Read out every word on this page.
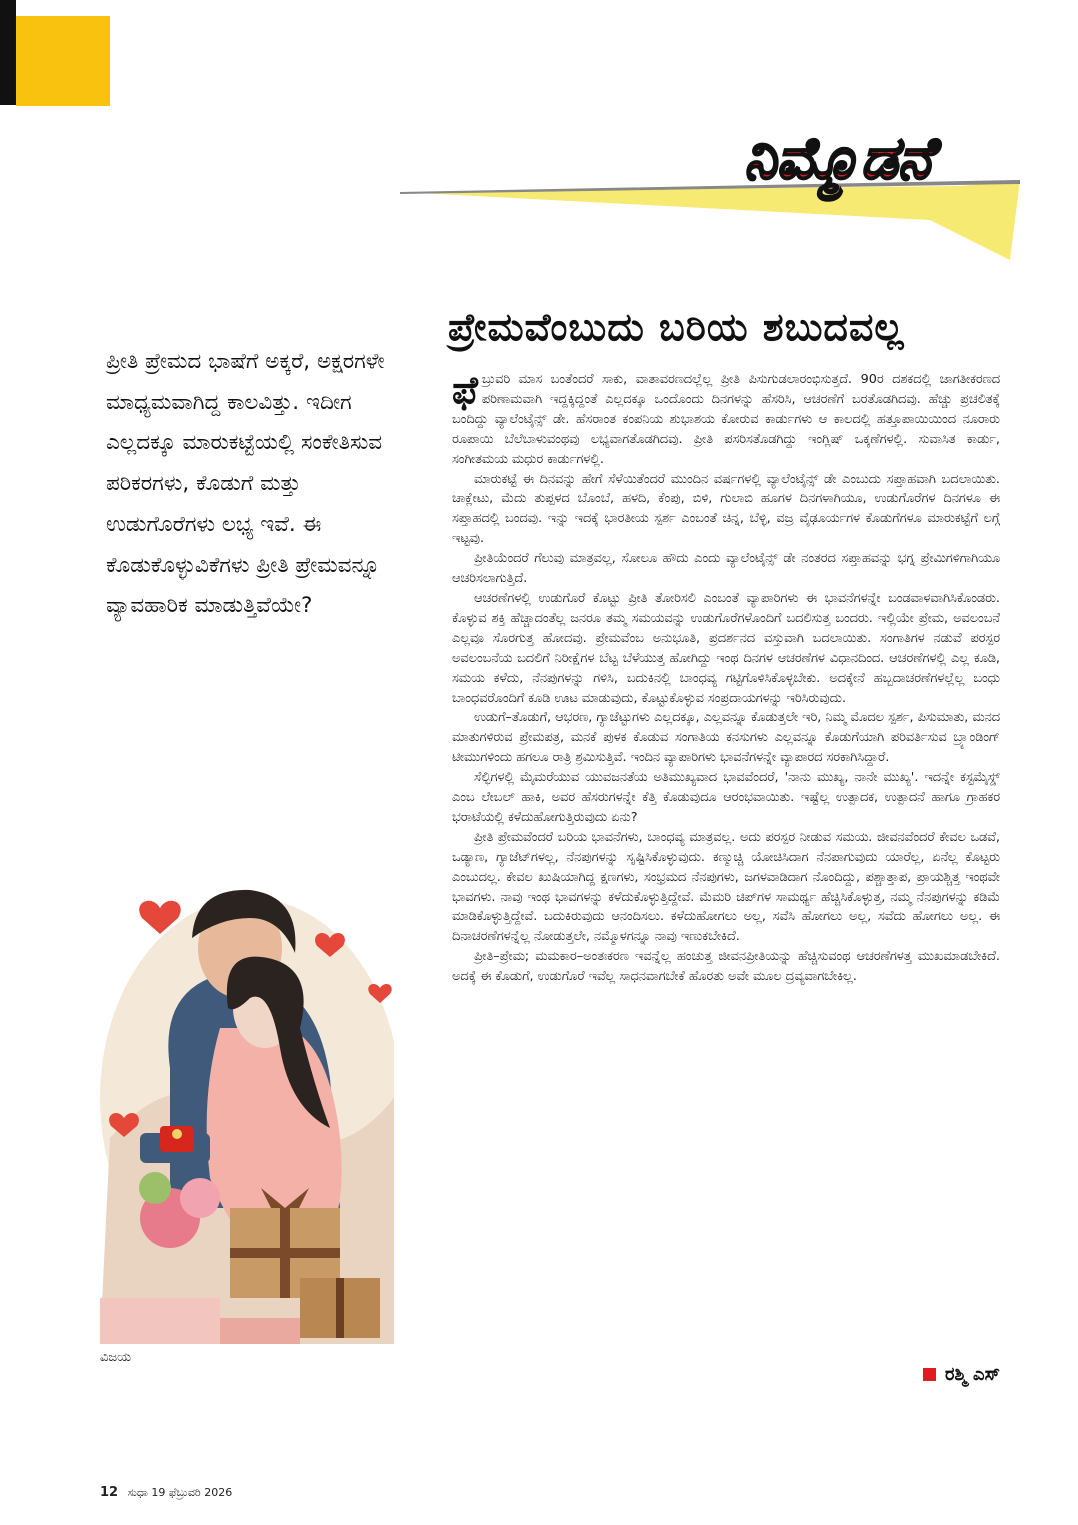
ನಿಮ್ಮೊಡನೆ
ಪ್ರೇಮವೆಂಬುದು ಬರಿಯ ಶಬುದವಲ್ಲ
ಪ್ರೀತಿ ಪ್ರೇಮದ ಭಾಷೆಗೆ ಅಕ್ಕರೆ, ಅಕ್ಷರಗಳೇ ಮಾಧ್ಯಮವಾಗಿದ್ದ ಕಾಲವಿತ್ತು. ಇದೀಗ ಎಲ್ಲದಕ್ಕೂ ಮಾರುಕಟ್ಟೆಯಲ್ಲಿ ಸಂಕೇತಿಸುವ ಪರಿಕರಗಳು, ಕೊಡುಗೆ ಮತ್ತು ಉಡುಗೊರೆಗಳು ಲಭ್ಯ ಇವೆ. ಈ ಕೊಡುಕೊಳ್ಳುವಿಕೆಗಳು ಪ್ರೀತಿ ಪ್ರೇಮವನ್ನೂ ವ್ಯಾವಹಾರಿಕ ಮಾಡುತ್ತಿವೆಯೇ?
ವಿಜಯ

ಫೆಬ್ರುವರಿ ಮಾಸ ಬಂತೆಂದರೆ ಸಾಕು, ವಾತಾವರಣದಲ್ಲೆಲ್ಲ ಪ್ರೀತಿ ಪಿಸುಗುಡಲಾರಂಭಿಸುತ್ತದೆ. 90ರ ದಶಕದಲ್ಲಿ ಜಾಗತೀಕರಣದ ಪರಿಣಾಮವಾಗಿ ಇದ್ದಕ್ಕಿದ್ದಂತೆ ಎಲ್ಲದಕ್ಕೂ ಒಂದೊಂದು ದಿನಗಳನ್ನು ಹೆಸರಿಸಿ, ಆಚರಣೆಗೆ ಬರತೊಡಗಿದವು. ಹೆಚ್ಚು ಪ್ರಚಲಿತಕ್ಕೆ ಬಂದಿದ್ದು ವ್ಯಾಲೆಂಟೈನ್ಸ್ ಡೇ. ಹೆಸರಾಂತ ಕಂಪನಿಯ ಶುಭಾಶಯ ಕೋರುವ ಕಾರ್ಡುಗಳು ಆ ಕಾಲದಲ್ಲಿ ಹತ್ತೂಪಾಯಿಯಿಂದ ನೂರಾರು ರೂಪಾಯಿ ಬೆಲೆಬಾಳುವಂಥವು ಲಭ್ಯವಾಗತೊಡಗಿದವು. ಪ್ರೀತಿ ಪಸರಿಸತೊಡಗಿದ್ದು ಇಂಗ್ಲಿಷ್ ಒಕ್ಕಣೆಗಳಲ್ಲಿ. ಸುವಾಸಿತ ಕಾರ್ಡು, ಸಂಗೀತಮಯ ಮಧುರ ಕಾರ್ಡುಗಳಲ್ಲಿ.

ಮಾರುಕಟ್ಟೆ ಈ ದಿನವನ್ನು ಹೇಗೆ ಸೆಳೆಯಿತೆಂದರೆ ಮುಂದಿನ ವರ್ಷಗಳಲ್ಲಿ ವ್ಯಾಲೆಂಟೈನ್ಸ್ ಡೇ ಎಂಬುದು ಸಪ್ತಾಹವಾಗಿ ಬದಲಾಯಿತು. ಚಾಕ್ಲೇಟು, ಮೆದು ತುಪ್ಪಳದ ಬೊಂಬೆ, ಹಳದಿ, ಕೆಂಪು, ಬಿಳಿ, ಗುಲಾಬಿ ಹೂಗಳ ದಿನಗಳಾಗಿಯೂ, ಉಡುಗೊರೆಗಳ ದಿನಗಳೂ ಈ ಸಪ್ತಾಹದಲ್ಲಿ ಬಂದವು. ಇನ್ನು ಇದಕ್ಕೆ ಭಾರತೀಯ ಸ್ಪರ್ಶ ಎಂಬಂತೆ ಚಿನ್ನ, ಬೆಳ್ಳಿ, ವಜ್ರ ವೈಢೂರ್ಯಗಳ ಕೊಡುಗೆಗಳೂ ಮಾರುಕಟ್ಟೆಗೆ ಲಗ್ಗೆ ಇಟ್ಟವು.

ಪ್ರೀತಿಯೆಂದರೆ ಗೆಲುವು ಮಾತ್ರವಲ್ಲ, ಸೋಲೂ ಹೌದು ಎಂದು ವ್ಯಾಲೆಂಟೈನ್ಸ್ ಡೇ ನಂತರದ ಸಪ್ತಾಹವನ್ನು ಭಗ್ನ ಪ್ರೇಮಿಗಳಿಗಾಗಿಯೂ ಆಚರಿಸಲಾಗುತ್ತಿದೆ.

ಆಚರಣೆಗಳಲ್ಲಿ ಉಡುಗೊರೆ ಕೊಟ್ಟು ಪ್ರೀತಿ ತೋರಿಸಲಿ ಎಂಬಂತೆ ವ್ಯಾಪಾರಿಗಳು ಈ ಭಾವನೆಗಳನ್ನೇ ಬಂಡವಾಳವಾಗಿಸಿಕೊಂಡರು. ಕೊಳ್ಳುವ ಶಕ್ತಿ ಹೆಚ್ಚಾದಂತೆಲ್ಲ ಜನರೂ ತಮ್ಮ ಸಮಯವನ್ನು ಉಡುಗೊರೆಗಳೊಂದಿಗೆ ಬದಲಿಸುತ್ತ ಬಂದರು. ಇಲ್ಲಿಯೇ ಪ್ರೇಮ, ಅವಲಂಬನೆ ಎಲ್ಲವೂ ಸೊರಗುತ್ತ ಹೋದವು. ಪ್ರೇಮವೆಂಬ ಅನುಭೂತಿ, ಪ್ರದರ್ಶನದ ವಸ್ತುವಾಗಿ ಬದಲಾಯಿತು. ಸಂಗಾತಿಗಳ ನಡುವೆ ಪರಸ್ಪರ ಅವಲಂಬನೆಯ ಬದಲಿಗೆ ನಿರೀಕ್ಷೆಗಳ ಬೆಟ್ಟ ಬೆಳೆಯುತ್ತ ಹೋಗಿದ್ದು ಇಂಥ ದಿನಗಳ ಆಚರಣೆಗಳ ವಿಧಾನದಿಂದ. ಆಚರಣೆಗಳಲ್ಲಿ ಎಲ್ಲ ಕೂಡಿ, ಸಮಯ ಕಳೆದು, ನೆನಪುಗಳನ್ನು ಗಳಿಸಿ, ಬದುಕಿನಲ್ಲಿ ಬಾಂಧವ್ಯ ಗಟ್ಟಿಗೊಳಿಸಿಕೊಳ್ಳಬೇಕು. ಅದಕ್ಕೇನೆ ಹಬ್ಬದಾಚರಣೆಗಳಲ್ಲೆಲ್ಲ ಬಂಧು ಬಾಂಧವರೊಂದಿಗೆ ಕೂಡಿ ಊಟ ಮಾಡುವುದು, ಕೊಟ್ಟುಕೊಳ್ಳುವ ಸಂಪ್ರದಾಯಗಳನ್ನು ಇರಿಸಿರುವುದು.

ಉಡುಗೆ–ತೊಡುಗೆ, ಆಭರಣ, ಗ್ಯಾಜೆಟ್ಟುಗಳು ಎಲ್ಲದಕ್ಕೂ, ಎಲ್ಲವನ್ನೂ ಕೊಡುತ್ತಲೇ ಇರಿ, ನಿಮ್ಮ ಮೊದಲ ಸ್ಪರ್ಶ, ಪಿಸುಮಾತು, ಮನದ ಮಾತುಗಳಿರುವ ಪ್ರೇಮಪತ್ರ, ಮನಕೆ ಪುಳಕ ಕೊಡುವ ಸಂಗಾತಿಯ ಕನಸುಗಳು ಎಲ್ಲವನ್ನೂ ಕೊಡುಗೆಯಾಗಿ ಪರಿವರ್ತಿಸುವ ಬ್ರ್ಯಾಂಡಿಂಗ್ ಟೀಮುಗಳಿಂದು ಹಗಲೂ ರಾತ್ರಿ ಶ್ರಮಿಸುತ್ತಿವೆ. ಇಂದಿನ ವ್ಯಾಪಾರಿಗಳು ಭಾವನೆಗಳನ್ನೇ ವ್ಯಾಪಾರದ ಸರಕಾಗಿಸಿದ್ದಾರೆ.

ಸೆಲ್ಫಿಗಳಲ್ಲಿ ಮೈಮರೆಯುವ ಯುವಜನತೆಯ ಅತಿಮುಖ್ಯವಾದ ಭಾವವೆಂದರೆ, 'ನಾನು ಮುಖ್ಯ, ನಾನೇ ಮುಖ್ಯ'. ಇದನ್ನೇ ಕಸ್ಟಮೈಸ್ಡ್ ಎಂಬ ಲೇಬಲ್ ಹಾಕಿ, ಅವರ ಹೆಸರುಗಳನ್ನೇ ಕೆತ್ತಿ ಕೊಡುವುದೂ ಆರಂಭವಾಯಿತು. ಇಷ್ಟೆಲ್ಲ ಉತ್ಪಾದಕ, ಉತ್ಪಾದನೆ ಹಾಗೂ ಗ್ರಾಹಕರ ಭರಾಟೆಯಲ್ಲಿ ಕಳೆದುಹೋಗುತ್ತಿರುವುದು ಏನು?

ಪ್ರೀತಿ ಪ್ರೇಮವೆಂದರೆ ಬರಿಯ ಭಾವನೆಗಳು, ಬಾಂಧವ್ಯ ಮಾತ್ರವಲ್ಲ. ಅದು ಪರಸ್ಪರ ನೀಡುವ ಸಮಯ. ಜೀವನವೆಂದರೆ ಕೇವಲ ಒಡವೆ, ಒಡ್ಯಾಣ, ಗ್ಯಾಜೆಟ್‌ಗಳಲ್ಲ, ನೆನಪುಗಳನ್ನು ಸೃಷ್ಟಿಸಿಕೊಳ್ಳುವುದು. ಕಣ್ಮುಚ್ಚಿ ಯೋಚಿಸಿದಾಗ ನೆನಪಾಗುವುದು ಯಾರೆಲ್ಲ, ಏನೆಲ್ಲ ಕೊಟ್ಟರು ಎಂಬುದಲ್ಲ. ಕೇವಲ ಖುಷಿಯಾಗಿದ್ದ ಕ್ಷಣಗಳು, ಸಂಭ್ರಮದ ನೆನಪುಗಳು, ಜಗಳವಾಡಿದಾಗ ನೊಂದಿದ್ದು, ಪಶ್ಚಾತ್ತಾಪ, ಪ್ರಾಯಶ್ಚಿತ್ತ ಇಂಥವೇ ಭಾವಗಳು. ನಾವು ಇಂಥ ಭಾವಗಳನ್ನು ಕಳೆದುಕೊಳ್ಳುತ್ತಿದ್ದೇವೆ. ಮೆಮರಿ ಚಿಪ್‌ಗಳ ಸಾಮರ್ಥ್ಯ ಹೆಚ್ಚಿಸಿಕೊಳ್ಳುತ್ತ, ನಮ್ಮ ನೆನಪುಗಳನ್ನು ಕಡಿಮೆ ಮಾಡಿಕೊಳ್ಳುತ್ತಿದ್ದೇವೆ. ಬದುಕಿರುವುದು ಆನಂದಿಸಲು. ಕಳೆದುಹೋಗಲು ಅಲ್ಲ, ಸವೆಸಿ ಹೋಗಲು ಅಲ್ಲ, ಸವೆದು ಹೋಗಲು ಅಲ್ಲ. ಈ ದಿನಾಚರಣೆಗಳನ್ನೆಲ್ಲ ನೋಡುತ್ತಲೇ, ನಮ್ಮೊಳಗನ್ನೂ ನಾವು ಇಣುಕಬೇಕಿದೆ.

ಪ್ರೀತಿ–ಪ್ರೇಮ; ಮಮಕಾರ–ಅಂತಃಕರಣ ಇವನ್ನೆಲ್ಲ ಹಂಚುತ್ತ ಜೀವನಪ್ರೀತಿಯನ್ನು ಹೆಚ್ಚಿಸುವಂಥ ಆಚರಣೆಗಳತ್ತ ಮುಖಮಾಡಬೇಕಿದೆ. ಅದಕ್ಕೆ ಈ ಕೊಡುಗೆ, ಉಡುಗೊರೆ ಇವೆಲ್ಲ ಸಾಧನವಾಗಬೇಕೆ ಹೊರತು ಅವೇ ಮೂಲ ದ್ರವ್ಯವಾಗಬೇಕಿಲ್ಲ.

ರಶ್ಮಿ ಎಸ್
12 ಸುಧಾ 19 ಫೆಬ್ರುವರಿ 2026
